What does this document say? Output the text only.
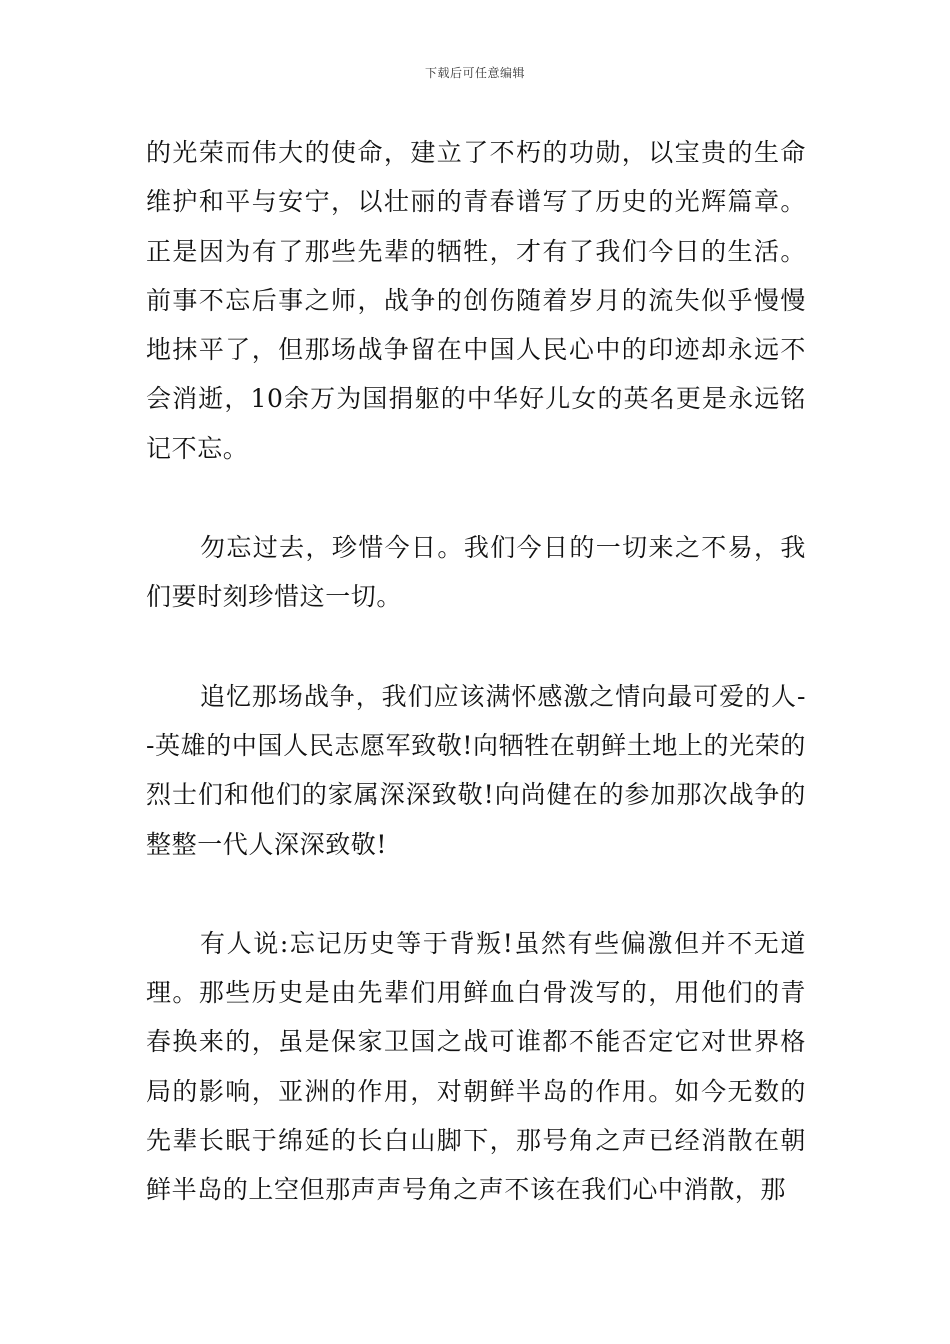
下载后可任意编辑

的光荣而伟大的使命，建立了不朽的功勋，以宝贵的生命维护和平与安宁，以壮丽的青春谱写了历史的光辉篇章。正是因为有了那些先辈的牺牲，才有了我们今日的生活。前事不忘后事之师，战争的创伤随着岁月的流失似乎慢慢地抹平了，但那场战争留在中国人民心中的印迹却永远不会消逝，10余万为国捐躯的中华好儿女的英名更是永远铭记不忘。

勿忘过去，珍惜今日。我们今日的一切来之不易，我们要时刻珍惜这一切。

追忆那场战争，我们应该满怀感激之情向最可爱的人--英雄的中国人民志愿军致敬!向牺牲在朝鲜土地上的光荣的烈士们和他们的家属深深致敬!向尚健在的参加那次战争的整整一代人深深致敬!

有人说:忘记历史等于背叛!虽然有些偏激但并不无道理。那些历史是由先辈们用鲜血白骨泼写的，用他们的青春换来的，虽是保家卫国之战可谁都不能否定它对世界格局的影响，亚洲的作用，对朝鲜半岛的作用。如今无数的先辈长眠于绵延的长白山脚下，那号角之声已经消散在朝鲜半岛的上空但那声声号角之声不该在我们心中消散，那
